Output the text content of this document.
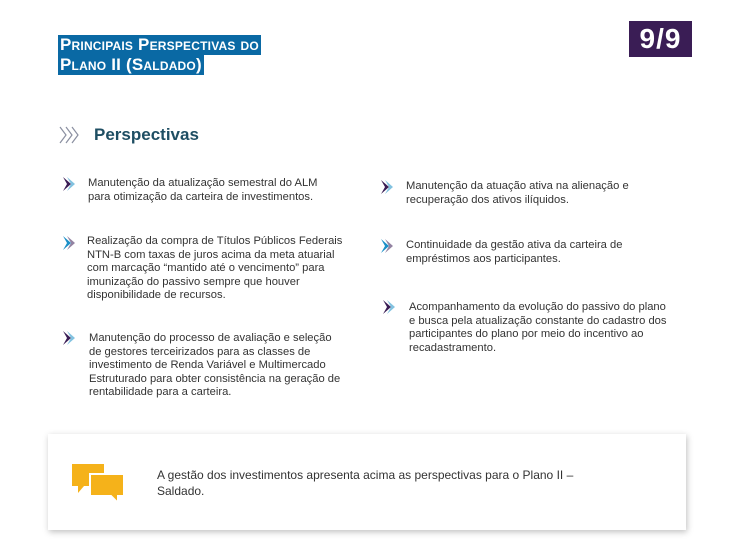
Principais Perspectivas do
Plano II (Saldado)
9/9
Perspectivas
Manutenção da atualização semestral do ALM para otimização da carteira de investimentos.
Realização da compra de Títulos Públicos Federais NTN-B com taxas de juros acima da meta atuarial com marcação “mantido até o vencimento” para imunização do passivo sempre que houver disponibilidade de recursos.
Manutenção do processo de avaliação e seleção de gestores terceirizados para as classes de investimento de Renda Variável e Multimercado Estruturado para obter consistência na geração de rentabilidade para a carteira.
Manutenção da atuação ativa na alienação e recuperação dos ativos ilíquidos.
Continuidade da gestão ativa da carteira de empréstimos aos participantes.
Acompanhamento da evolução do passivo do plano e busca pela atualização constante do cadastro dos participantes do plano por meio do incentivo ao recadastramento.
A gestão dos investimentos apresenta acima as perspectivas para o Plano II – Saldado.
